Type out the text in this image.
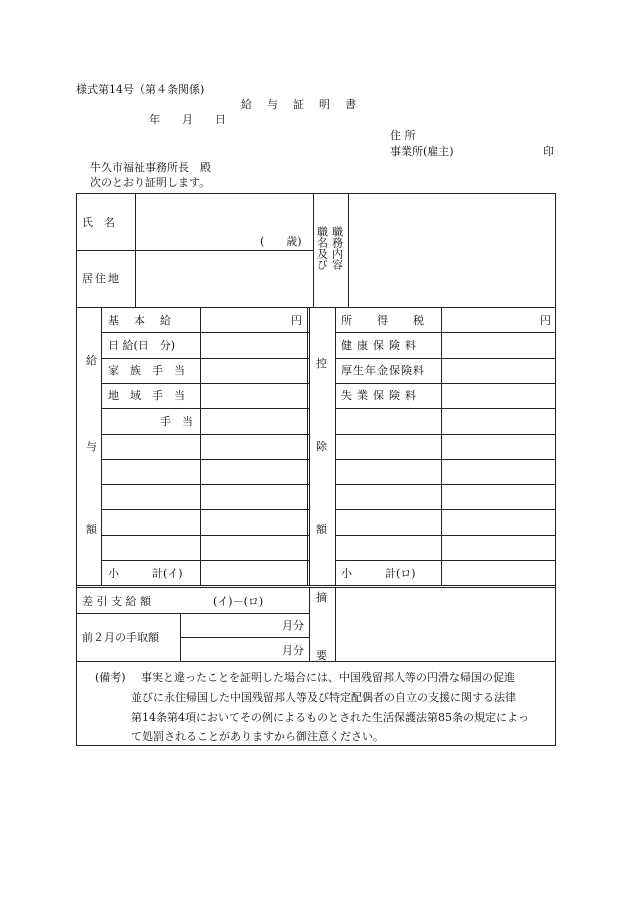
様式第14号（第４条関係)
給　与　証　明　書
年　　月　　日
住 所
事業所(雇主)	印
牛久市福祉事務所長　殿
次のとおり証明します。
氏　名
(　　歳)
居住地
職名及び 職務内容
給
与
額
控
除
額
基　本　給
日 給(日　分)
家　族　手　当
地　域　手　当
手　当
円
小　　　計(イ)
所　得　税
健康保険料
厚生年金保険料
失業保険料
円
小　　　計(ロ)
差 引 支 給 額	(イ)－(ロ)
前２月の手取額
月分
月分
摘
要
(備考) 事実と違ったことを証明した場合には、中国残留邦人等の円滑な帰国の促進
並びに永住帰国した中国残留邦人等及び特定配偶者の自立の支援に関する法律
第14条第4項においてその例によるものとされた生活保護法第85条の規定によっ
て処罰されることがありますから御注意ください。
